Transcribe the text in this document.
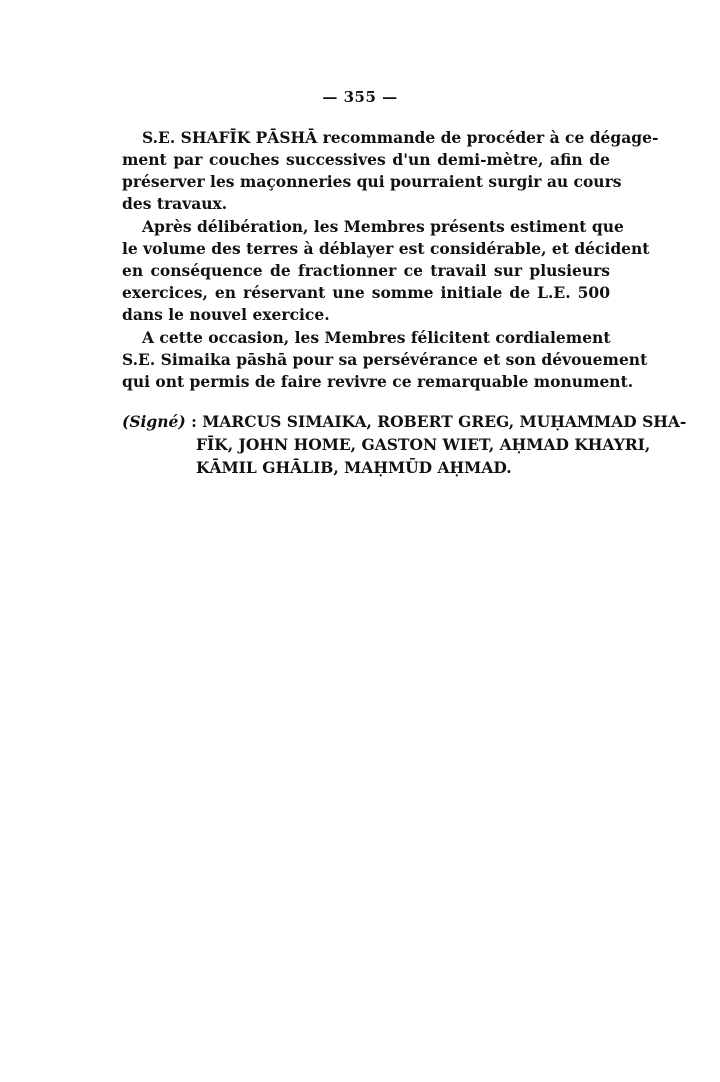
— 355 —

S.E. SHAFĪK PĀSHĀ recommande de procéder à ce dégage-
ment par couches successives d'un demi-mètre, afin de
préserver les maçonneries qui pourraient surgir au cours
des travaux.

Après délibération, les Membres présents estiment que
le volume des terres à déblayer est considérable, et décident
en conséquence de fractionner ce travail sur plusieurs
exercices, en réservant une somme initiale de L.E. 500
dans le nouvel exercice.

A cette occasion, les Membres félicitent cordialement
S.E. Simaika pāshā pour sa persévérance et son dévouement
qui ont permis de faire revivre ce remarquable monument.

(Signé) : MARCUS SIMAIKA, ROBERT GREG, MUḤAMMAD SHA-
FĪK, JOHN HOME, GASTON WIET, AḤMAD KHAYRI,
KĀMIL GHĀLIB, MAḤMŪD AḤMAD.
